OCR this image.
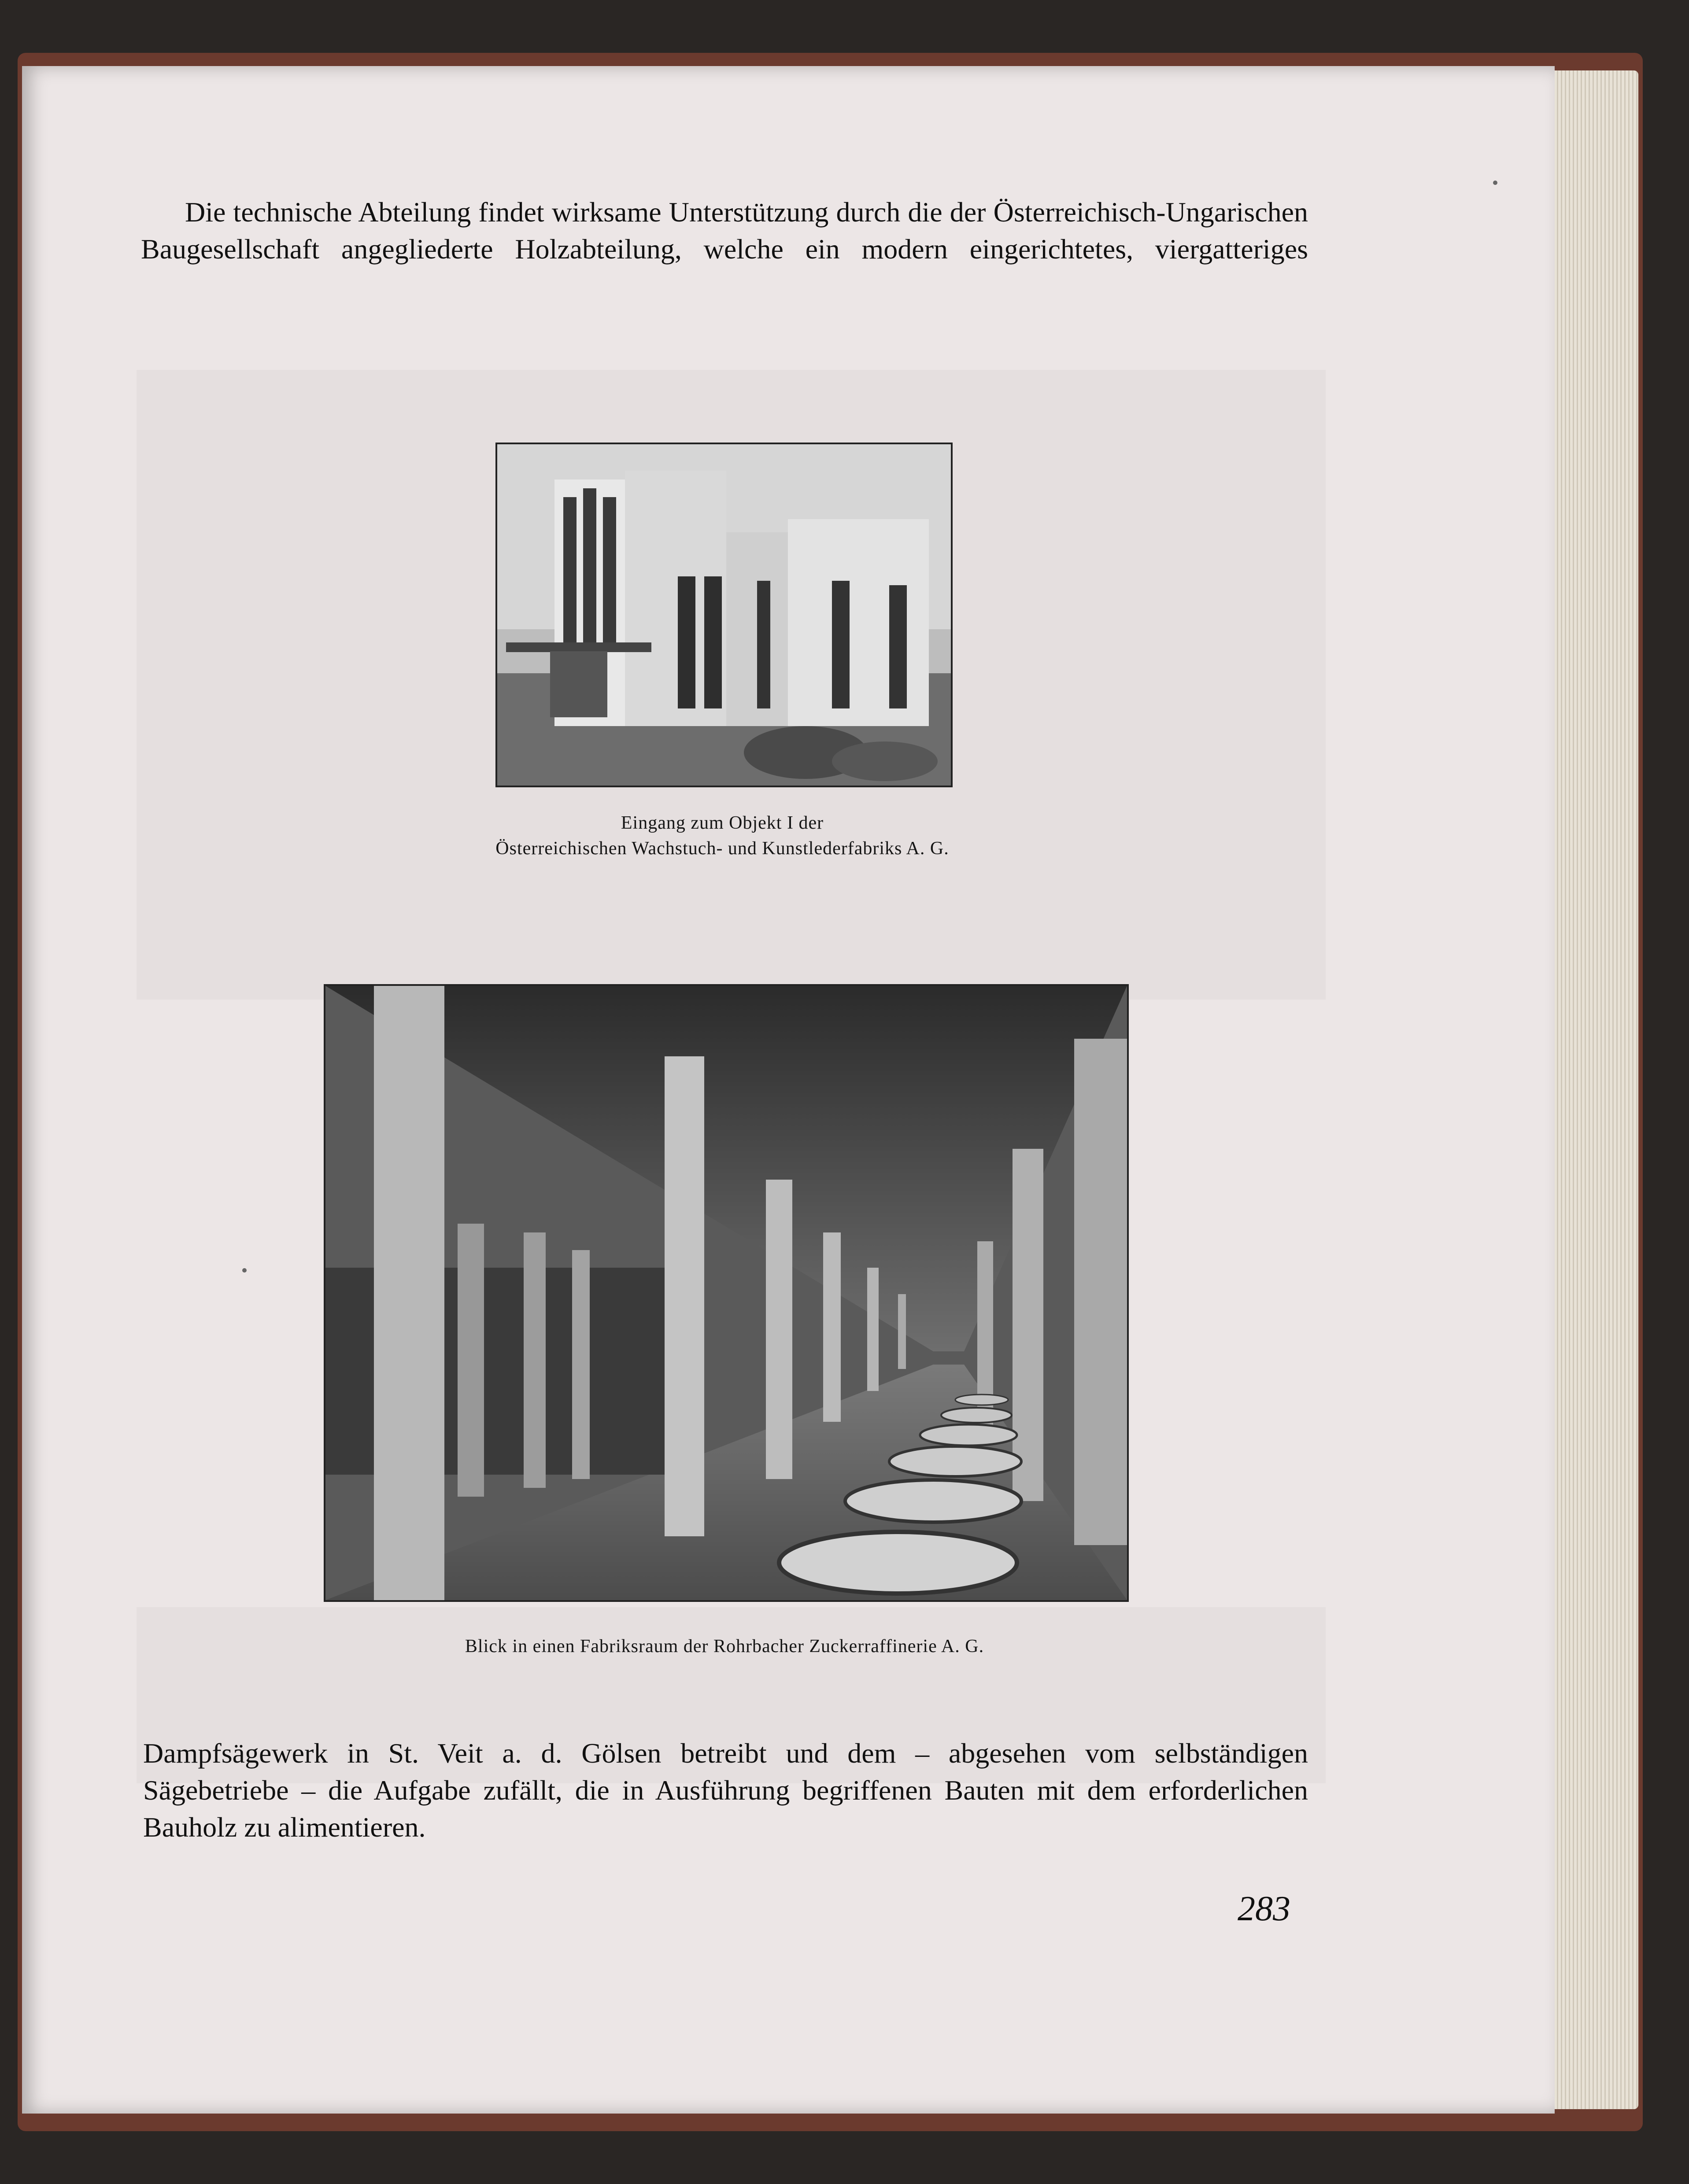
Die technische Abteilung findet wirksame Unterstützung durch die der Österreichisch-Ungarischen
Baugesellschaft angegliederte Holzabteilung, welche ein modern eingerichtetes, viergatteriges
Eingang zum Objekt I der
Österreichischen Wachstuch- und Kunstlederfabriks A. G.
Blick in einen Fabriksraum der Rohrbacher Zuckerraffinerie A. G.
Dampfsägewerk in St. Veit a. d. Gölsen betreibt und dem – abgesehen vom selbständigen
Sägebetriebe – die Aufgabe zufällt, die in Ausführung begriffenen Bauten mit dem erforderlichen
Bauholz zu alimentieren.
283
